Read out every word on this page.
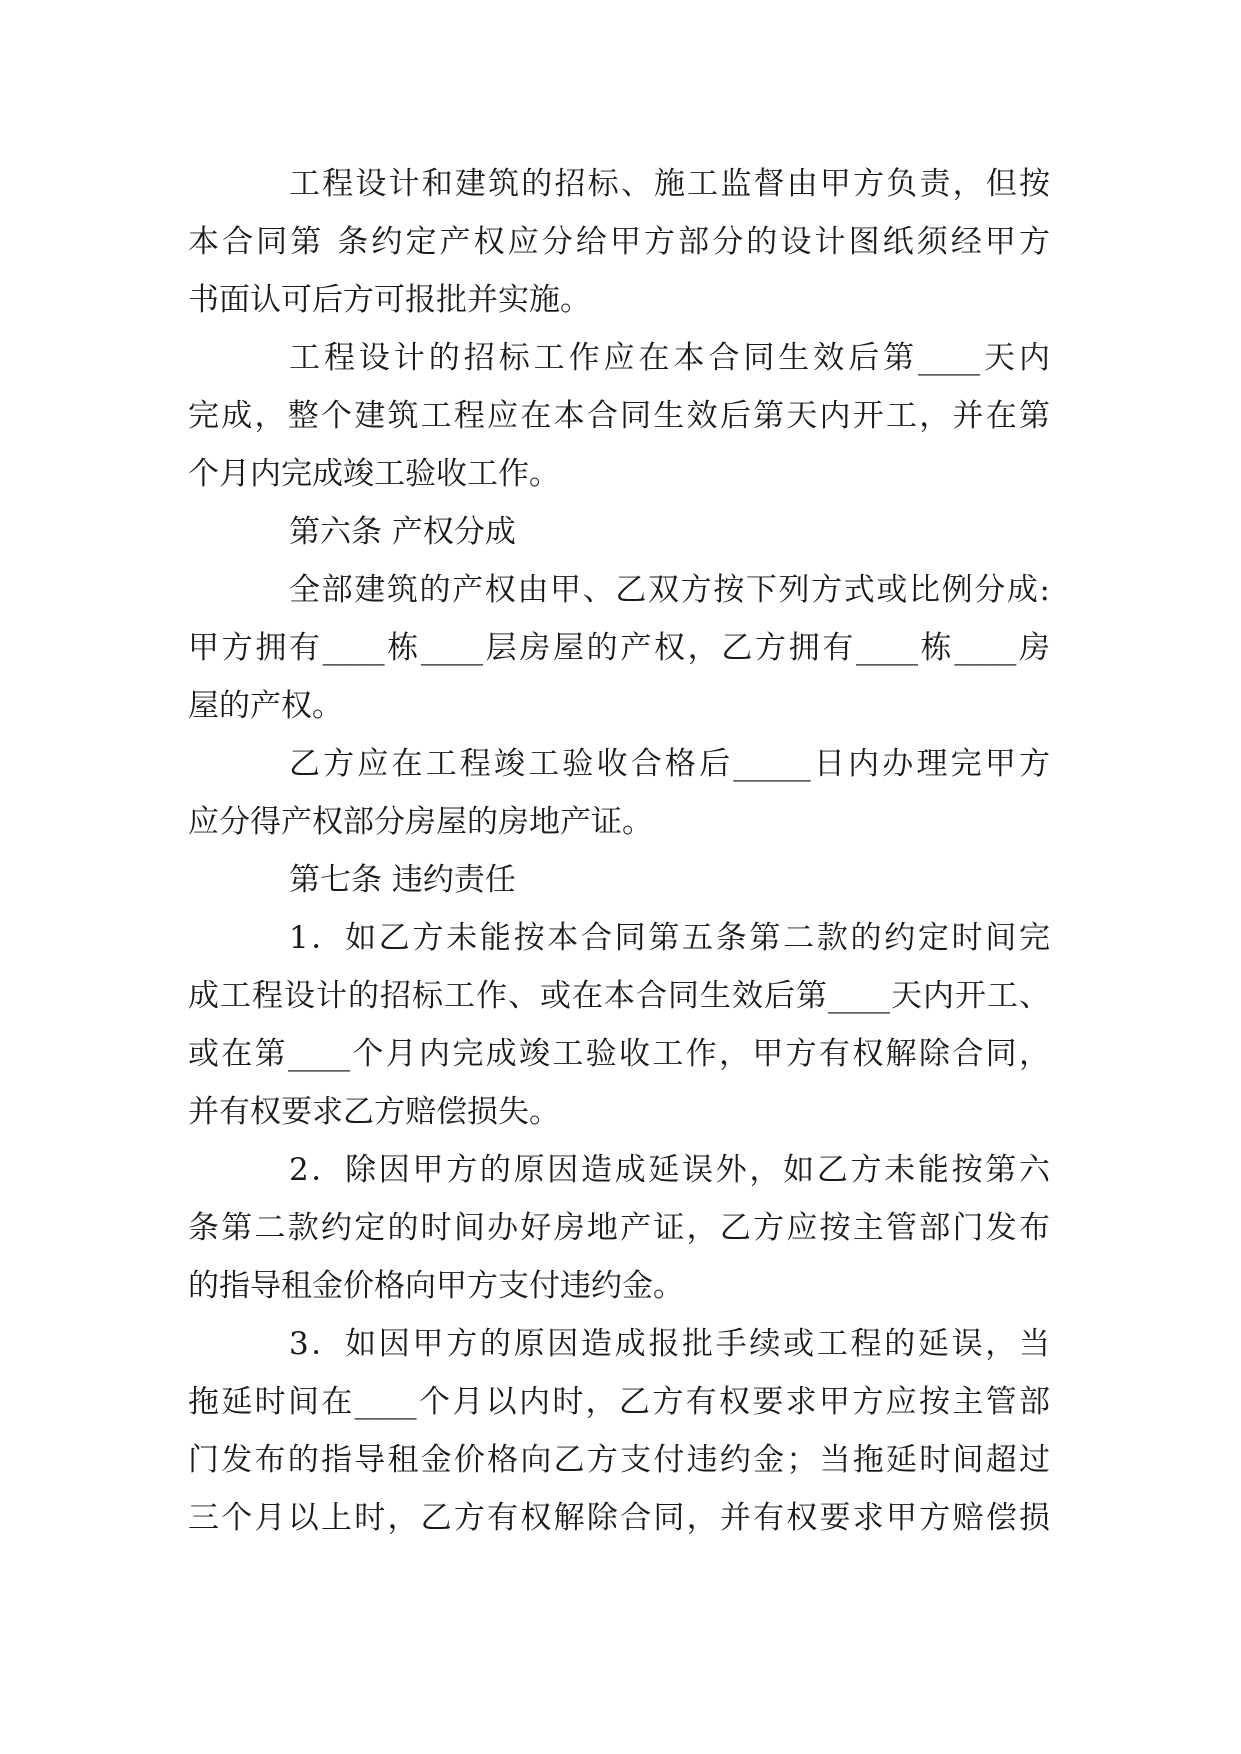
工程设计和建筑的招标、施工监督由甲方负责，但按
本合同第 条约定产权应分给甲方部分的设计图纸须经甲方
书面认可后方可报批并实施。
工程设计的招标工作应在本合同生效后第____天内
完成，整个建筑工程应在本合同生效后第天内开工，并在第
个月内完成竣工验收工作。
第六条 产权分成
全部建筑的产权由甲、乙双方按下列方式或比例分成:
甲方拥有____栋____层房屋的产权，乙方拥有____栋____房
屋的产权。
乙方应在工程竣工验收合格后_____日内办理完甲方
应分得产权部分房屋的房地产证。
第七条 违约责任
1．如乙方未能按本合同第五条第二款的约定时间完
成工程设计的招标工作、或在本合同生效后第____天内开工、
或在第____个月内完成竣工验收工作，甲方有权解除合同，
并有权要求乙方赔偿损失。
2．除因甲方的原因造成延误外，如乙方未能按第六
条第二款约定的时间办好房地产证，乙方应按主管部门发布
的指导租金价格向甲方支付违约金。
3．如因甲方的原因造成报批手续或工程的延误，当
拖延时间在____个月以内时，乙方有权要求甲方应按主管部
门发布的指导租金价格向乙方支付违约金；当拖延时间超过
三个月以上时，乙方有权解除合同，并有权要求甲方赔偿损
